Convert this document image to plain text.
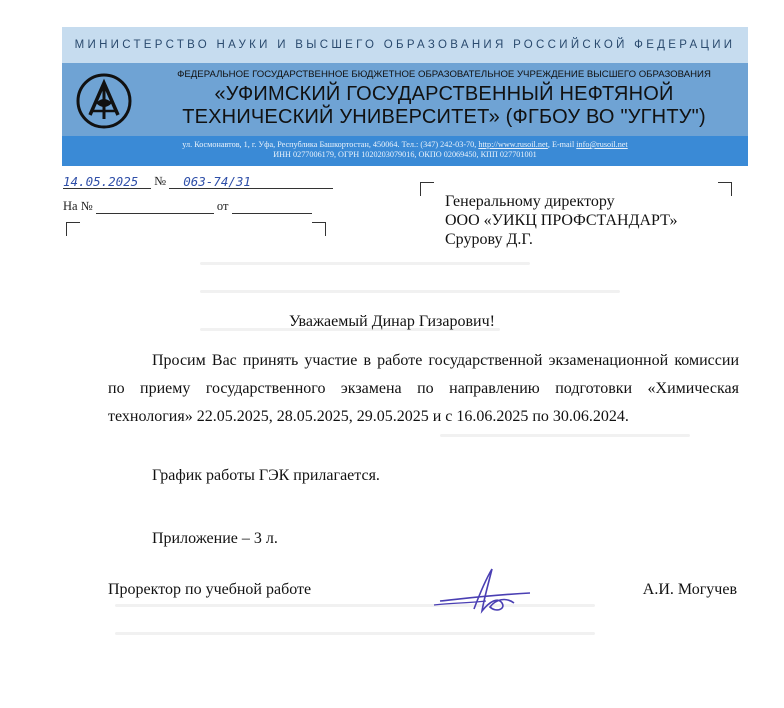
МИНИСТЕРСТВО НАУКИ И ВЫСШЕГО ОБРАЗОВАНИЯ РОССИЙСКОЙ ФЕДЕРАЦИИ
ФЕДЕРАЛЬНОЕ ГОСУДАРСТВЕННОЕ БЮДЖЕТНОЕ ОБРАЗОВАТЕЛЬНОЕ УЧРЕЖДЕНИЕ ВЫСШЕГО ОБРАЗОВАНИЯ
«УФИМСКИЙ ГОСУДАРСТВЕННЫЙ НЕФТЯНОЙ
ТЕХНИЧЕСКИЙ УНИВЕРСИТЕТ» (ФГБОУ ВО "УГНТУ")
ул. Космонавтов, 1, г. Уфа, Республика Башкортостан, 450064. Тел.: (347) 242-03-70, http://www.rusoil.net, E-mail info@rusoil.net
ИНН 0277006179, ОГРН 1020203079016, ОКПО 02069450, КПП 027701001
14.05.2025 № 063-74/31
На №	от	Генеральному директору
ООО «УИКЦ ПРОФСТАНДАРТ»
Срурову Д.Г.
Уважаемый Динар Гизарович!
Просим Вас принять участие в работе государственной экзаменационной комиссии по приему государственного экзамена по направлению подготовки «Химическая технология» 22.05.2025, 28.05.2025, 29.05.2025 и с 16.06.2025 по 30.06.2024.
График работы ГЭК прилагается.
Приложение – 3 л.
Проректор по учебной работе	А.И. Могучев
